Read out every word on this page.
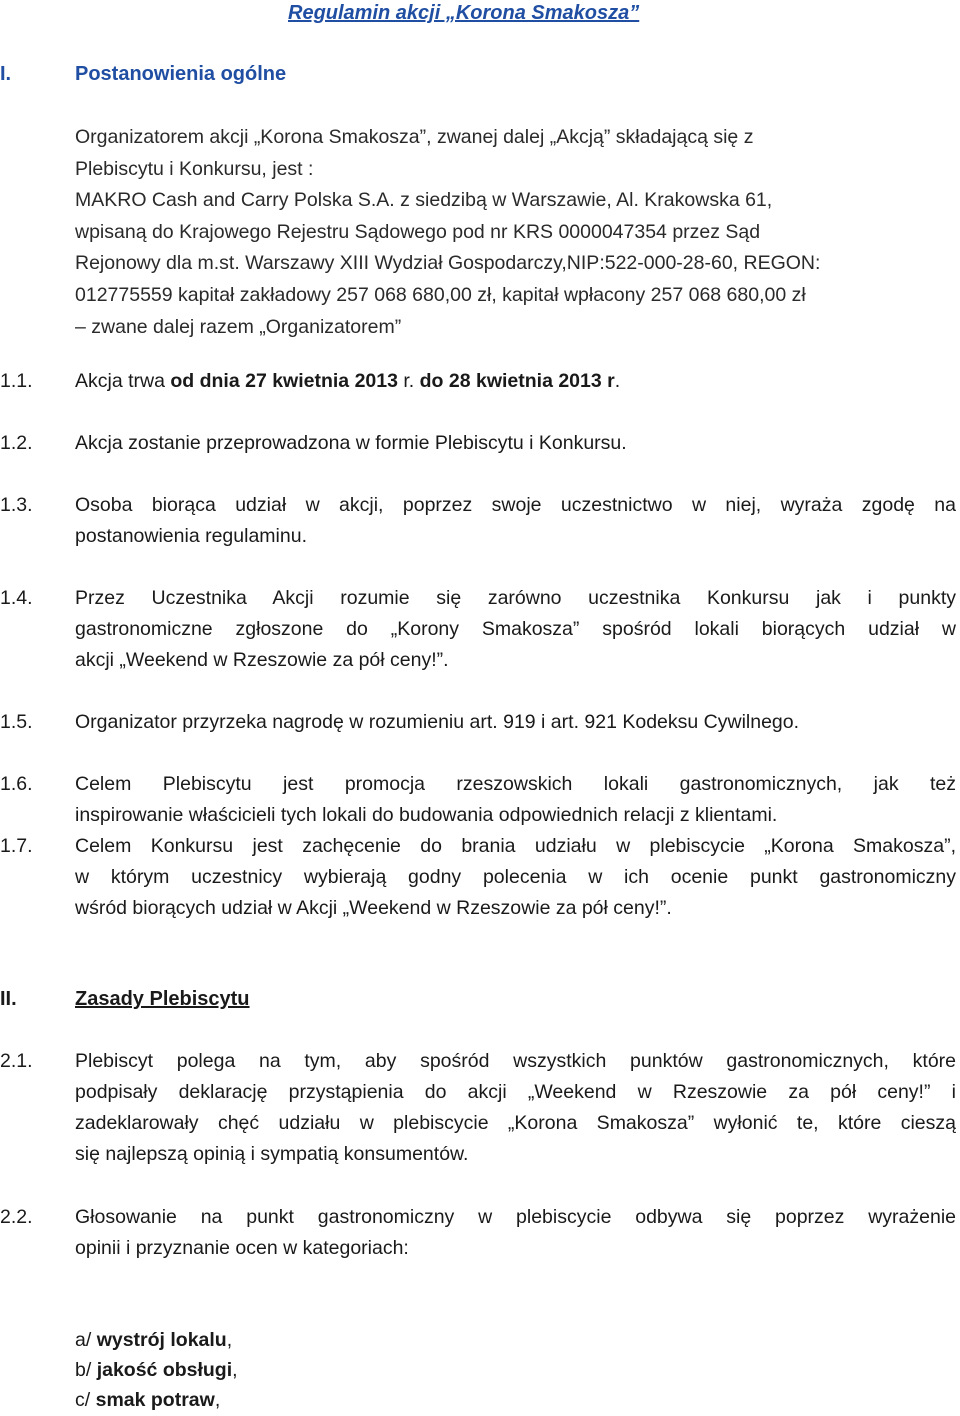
Regulamin akcji „Korona Smakosza”
I.	Postanowienia ogólne
Organizatorem akcji „Korona Smakosza”, zwanej dalej „Akcją” składającą się z
Plebiscytu i Konkursu, jest :
MAKRO Cash and Carry Polska S.A. z siedzibą w Warszawie, Al. Krakowska 61,
wpisaną do Krajowego Rejestru Sądowego pod nr KRS 0000047354 przez Sąd
Rejonowy dla m.st. Warszawy XIII Wydział Gospodarczy,NIP:522-000-28-60, REGON:
012775559 kapitał zakładowy 257 068 680,00 zł, kapitał wpłacony 257 068 680,00 zł
– zwane dalej razem „Organizatorem”
1.1. Akcja trwa od dnia 27 kwietnia 2013 r. do 28 kwietnia 2013 r.
1.2. Akcja zostanie przeprowadzona w formie Plebiscytu i Konkursu.
1.3. Osoba biorąca udział w akcji, poprzez swoje uczestnictwo w niej, wyraża zgodę na
postanowienia regulaminu.
1.4. Przez Uczestnika Akcji rozumie się zarówno uczestnika Konkursu jak i punkty
gastronomiczne zgłoszone do „Korony Smakosza” spośród lokali biorących udział w
akcji „Weekend w Rzeszowie za pół ceny!”.
1.5. Organizator przyrzeka nagrodę w rozumieniu art. 919 i art. 921 Kodeksu Cywilnego.
1.6. Celem Plebiscytu jest promocja rzeszowskich lokali gastronomicznych, jak też
inspirowanie właścicieli tych lokali do budowania odpowiednich relacji z klientami.
1.7. Celem Konkursu jest zachęcenie do brania udziału w plebiscycie „Korona Smakosza”,
w którym uczestnicy wybierają godny polecenia w ich ocenie punkt gastronomiczny
wśród biorących udział w Akcji „Weekend w Rzeszowie za pół ceny!”.
II.	Zasady Plebiscytu
2.1. Plebiscyt polega na tym, aby spośród wszystkich punktów gastronomicznych, które
podpisały deklarację przystąpienia do akcji „Weekend w Rzeszowie za pół ceny!” i
zadeklarowały chęć udziału w plebiscycie „Korona Smakosza” wyłonić te, które cieszą
się najlepszą opinią i sympatią konsumentów.
2.2. Głosowanie na punkt gastronomiczny w plebiscycie odbywa się poprzez wyrażenie
opinii i przyznanie ocen w kategoriach:
a/ wystrój lokalu,
b/ jakość obsługi,
c/ smak potraw,
